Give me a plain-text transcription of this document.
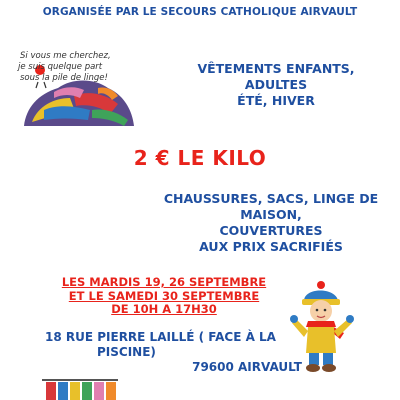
ORGANISÉE PAR LE SECOURS CATHOLIQUE AIRVAULT
Si vous me cherchez,
je suis quelque part
sous la pile de linge!
VÊTEMENTS ENFANTS,
ADULTES
ÉTÉ, HIVER
2 € LE KILO
CHAUSSURES, SACS, LINGE DE MAISON,
COUVERTURES
AUX PRIX SACRIFIÉS
LES MARDIS 19, 26 SEPTEMBRE
ET LE SAMEDI 30 SEPTEMBRE
DE 10H A 17H30
18 RUE PIERRE LAILLÉ ( FACE À LA
PISCINE)
79600 AIRVAULT
